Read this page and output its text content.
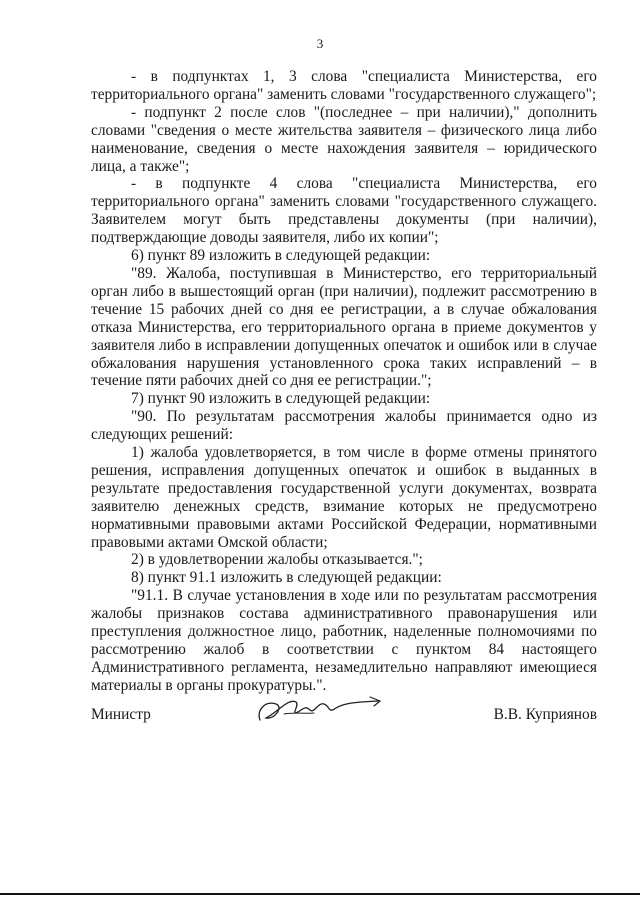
3

- в подпунктах 1, 3 слова "специалиста Министерства, его территориального органа" заменить словами "государственного служащего";

- подпункт 2 после слов "(последнее – при наличии)," дополнить словами "сведения о месте жительства заявителя – физического лица либо наименование, сведения о месте нахождения заявителя – юридического лица, а также";

- в подпункте 4 слова "специалиста Министерства, его территориального органа" заменить словами "государственного служащего. Заявителем могут быть представлены документы (при наличии), подтверждающие доводы заявителя, либо их копии";

6) пункт 89 изложить в следующей редакции:

"89. Жалоба, поступившая в Министерство, его территориальный орган либо в вышестоящий орган (при наличии), подлежит рассмотрению в течение 15 рабочих дней со дня ее регистрации, а в случае обжалования отказа Министерства, его территориального органа в приеме документов у заявителя либо в исправлении допущенных опечаток и ошибок или в случае обжалования нарушения установленного срока таких исправлений – в течение пяти рабочих дней со дня ее регистрации.";

7) пункт 90 изложить в следующей редакции:

"90. По результатам рассмотрения жалобы принимается одно из следующих решений:

1) жалоба удовлетворяется, в том числе в форме отмены принятого решения, исправления допущенных опечаток и ошибок в выданных в результате предоставления государственной услуги документах, возврата заявителю денежных средств, взимание которых не предусмотрено нормативными правовыми актами Российской Федерации, нормативными правовыми актами Омской области;

2) в удовлетворении жалобы отказывается.";

8) пункт 91.1 изложить в следующей редакции:

"91.1. В случае установления в ходе или по результатам рассмотрения жалобы признаков состава административного правонарушения или преступления должностное лицо, работник, наделенные полномочиями по рассмотрению жалоб в соответствии с пунктом 84 настоящего Административного регламента, незамедлительно направляют имеющиеся материалы в органы прокуратуры.".

Министр	В.В. Куприянов
